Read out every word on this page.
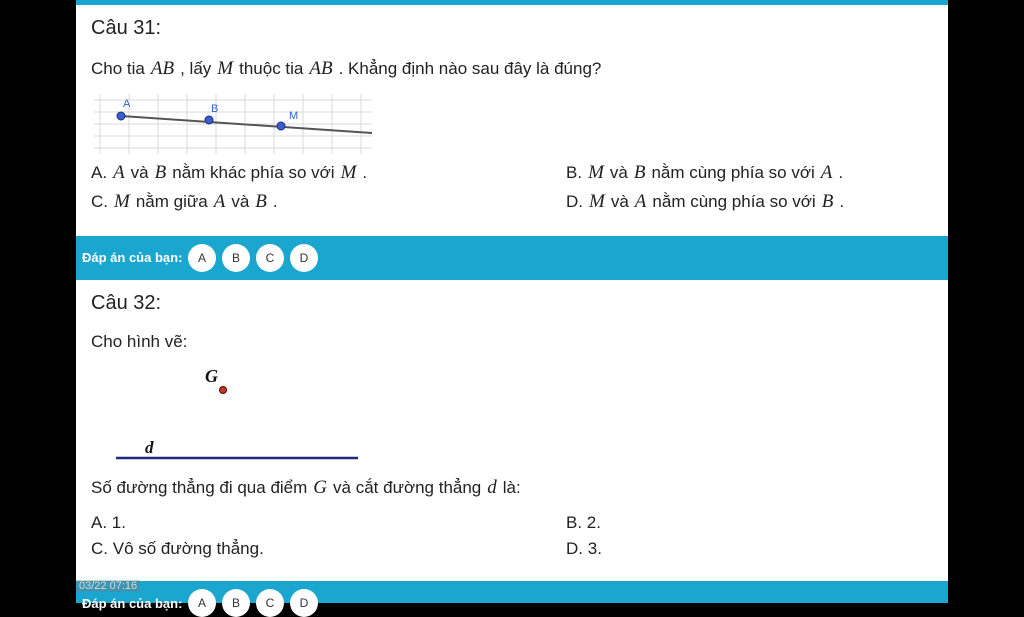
Câu 31:
Cho tia AB , lấy M thuộc tia AB . Khẳng định nào sau đây là đúng?
A	B
M
A. A và B nằm khác phía so với M .	B. M và B nằm cùng phía so với A .
C. M nằm giữa A và B .	D. M và A nằm cùng phía so với B .
Đáp án của bạn:	A	B	C	D
Câu 32:
Cho hình vẽ:
G
d
Số đường thẳng đi qua điểm G và cắt đường thẳng d là:
A. 1.	B. 2.
C. Vô số đường thẳng.	D. 3.
Đáp án của bạn:	A	B	C	D
03/22 07:16
